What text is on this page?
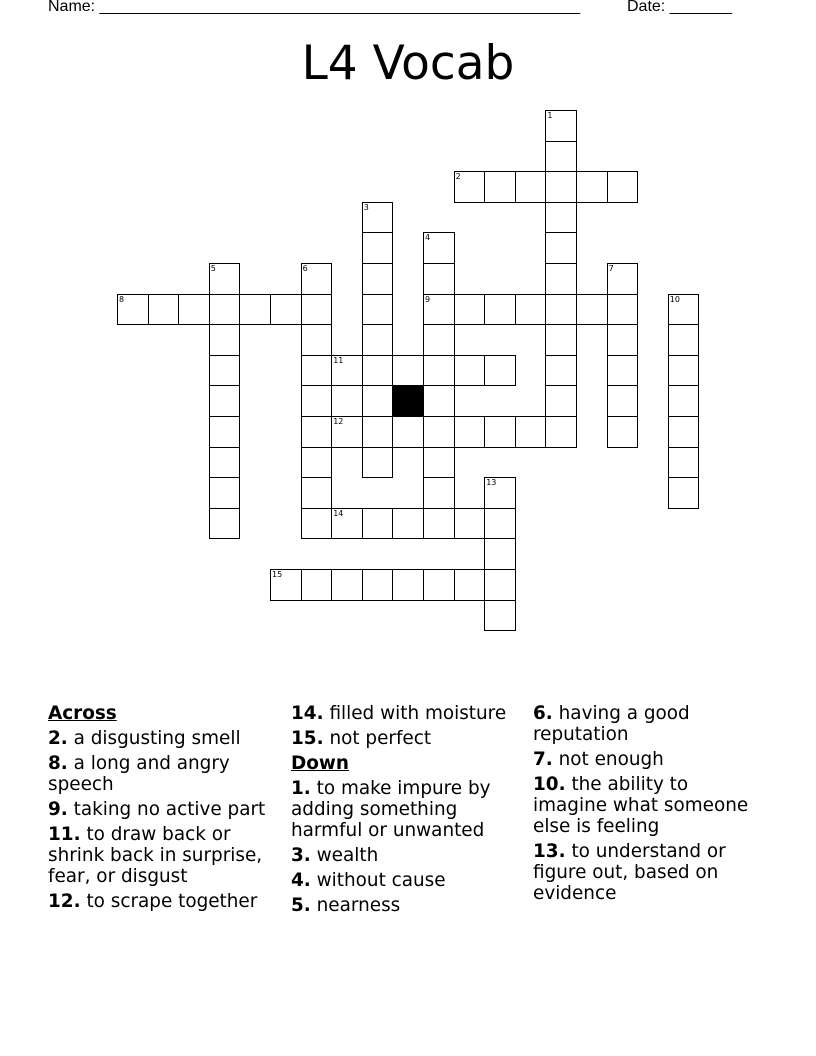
Name: ______________________________________________________	Date: _______
L4 Vocab
1
2
3
4
9
5	6	7
8	10
11
12
13
14
15
Across
2. a disgusting smell
8. a long and angry speech
9. taking no active part
11. to draw back or shrink back in surprise, fear, or disgust
12. to scrape together
14. filled with moisture
15. not perfect
Down
1. to make impure by adding something harmful or unwanted
3. wealth
4. without cause
5. nearness
6. having a good reputation
7. not enough
10. the ability to imagine what someone else is feeling
13. to understand or figure out, based on evidence
